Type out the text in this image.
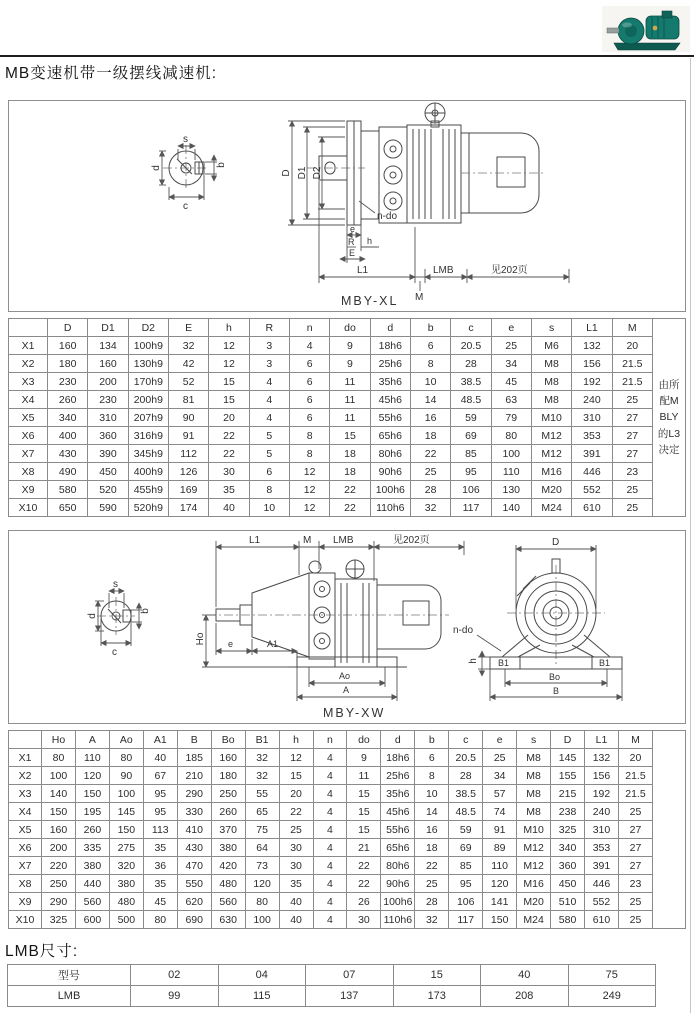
MB变速机带一级摆线减速机:
s
d
b
c
D D1 D2
n-do
e
R h
E
L1
M
LMB	见202页
MBY-XL
	D	D1	D2	E	h	R	n	do	d	b	c	e	s	L1	M	由所配MBLY的L3决定
X1	160	134	100h9	32	12	3	4	9	18h6	6	20.5	25	M6	132	20	
X2	180	160	130h9	42	12	3	6	9	25h6	8	28	34	M8	156	21.5	
X3	230	200	170h9	52	15	4	6	11	35h6	10	38.5	45	M8	192	21.5	
X4	260	230	200h9	81	15	4	6	11	45h6	14	48.5	63	M8	240	25	
X5	340	310	207h9	90	20	4	6	11	55h6	16	59	79	M10	310	27	
X6	400	360	316h9	91	22	5	8	15	65h6	18	69	80	M12	353	27	
X7	430	390	345h9	112	22	5	8	18	80h6	22	85	100	M12	391	27	
X8	490	450	400h9	126	30	6	12	18	90h6	25	95	110	M16	446	23	
X9	580	520	455h9	169	35	8	12	22	100h6	28	106	130	M20	552	25	
X10	650	590	520h9	174	40	10	12	22	110h6	32	117	140	M24	610	25	
s
b
d
c
L1	M LMB	见202页
Ho e	A1
Ao
A
MBY-XW
D
n-do
h B1	B1
Bo
B
	Ho	A	Ao	A1	B	Bo	B1	h	n	do	d	b	c	e	s	D	L1	M	
X1	80	110	80	40	185	160	32	12	4	9	18h6	6	20.5	25	M8	145	132	20	
X2	100	120	90	67	210	180	32	15	4	11	25h6	8	28	34	M8	155	156	21.5	
X3	140	150	100	95	290	250	55	20	4	15	35h6	10	38.5	57	M8	215	192	21.5	
X4	150	195	145	95	330	260	65	22	4	15	45h6	14	48.5	74	M8	238	240	25	
X5	160	260	150	113	410	370	75	25	4	15	55h6	16	59	91	M10	325	310	27	
X6	200	335	275	35	430	380	64	30	4	21	65h6	18	69	89	M12	340	353	27	
X7	220	380	320	36	470	420	73	30	4	22	80h6	22	85	110	M12	360	391	27	
X8	250	440	380	35	550	480	120	35	4	22	90h6	25	95	120	M16	450	446	23	
X9	290	560	480	45	620	560	80	40	4	26	100h6	28	106	141	M20	510	552	25	
X10	325	600	500	80	690	630	100	40	4	30	110h6	32	117	150	M24	580	610	25	
LMB尺寸:
型号	02	04	07	15	40	75
LMB	99	115	137	173	208	249
